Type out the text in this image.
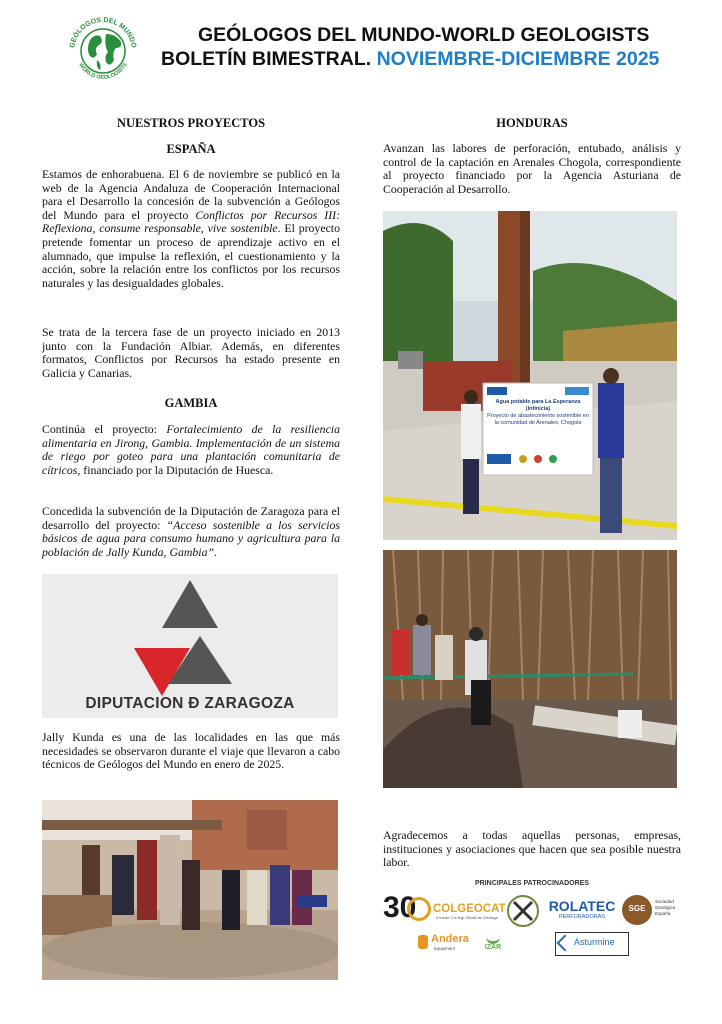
GEÓLOGOS DEL MUNDO
WORLD GEOLOGISTS
GEÓLOGOS DEL MUNDO-WORLD GEOLOGISTS
BOLETÍN BIMESTRAL. NOVIEMBRE-DICIEMBRE 2025
NUESTROS PROYECTOS
ESPAÑA

Estamos de enhorabuena. El 6 de noviembre se publicó en la web de la Agencia Andaluza de Cooperación Internacional para el Desarrollo la concesión de la subvención a Geólogos del Mundo para el proyecto Conflictos por Recursos III: Reflexiona, consume responsable, vive sostenible. El proyecto pretende fomentar un proceso de aprendizaje activo en el alumnado, que impulse la reflexión, el cuestionamiento y la acción, sobre la relación entre los conflictos por los recursos naturales y las desigualdades globales.

Se trata de la tercera fase de un proyecto iniciado en 2013 junto con la Fundación Albiar. Además, en diferentes formatos, Conflictos por Recursos ha estado presente en Galicia y Canarias.

GAMBIA

Continúa el proyecto: Fortalecimiento de la resiliencia alimentaria en Jirong, Gambia. Implementación de un sistema de riego por goteo para una plantación comunitaria de cítricos, financiado por la Diputación de Huesca.

Concedida la subvención de la Diputación de Zaragoza para el desarrollo del proyecto: “Acceso sostenible a los servicios básicos de agua para consumo humano y agricultura para la población de Jally Kunda, Gambia”.

DIPUTACION Ð ZARAGOZA

Jally Kunda es una de las localidades en las que más necesidades se observaron durante el viaje que llevaron a cabo técnicos de Geólogos del Mundo en enero de 2025.

HONDURAS

Avanzan las labores de perforación, entubado, análisis y control de la captación en Arenales Chogola, correspondiente al proyecto financiado por la Agencia Asturiana de Cooperación al Desarrollo.

Agua potable para La Esperanza (Infinicia)
Proyecto de abastecimiento sostenible en la comunidad de Arenales, Chogola

Agradecemos a todas aquellas personas, empresas, instituciones y asociaciones que hacen que sea posible nuestra labor.

PRINCIPALES PATROCINADORES
30	COLGEOCAT
Il·lustre Col·legi Oficial de Geòlegs
ROLATEC
PERFORADORAS
SGE
Sociedad
Geológica
España
Andera
equipment	IZAR
Asturmine
